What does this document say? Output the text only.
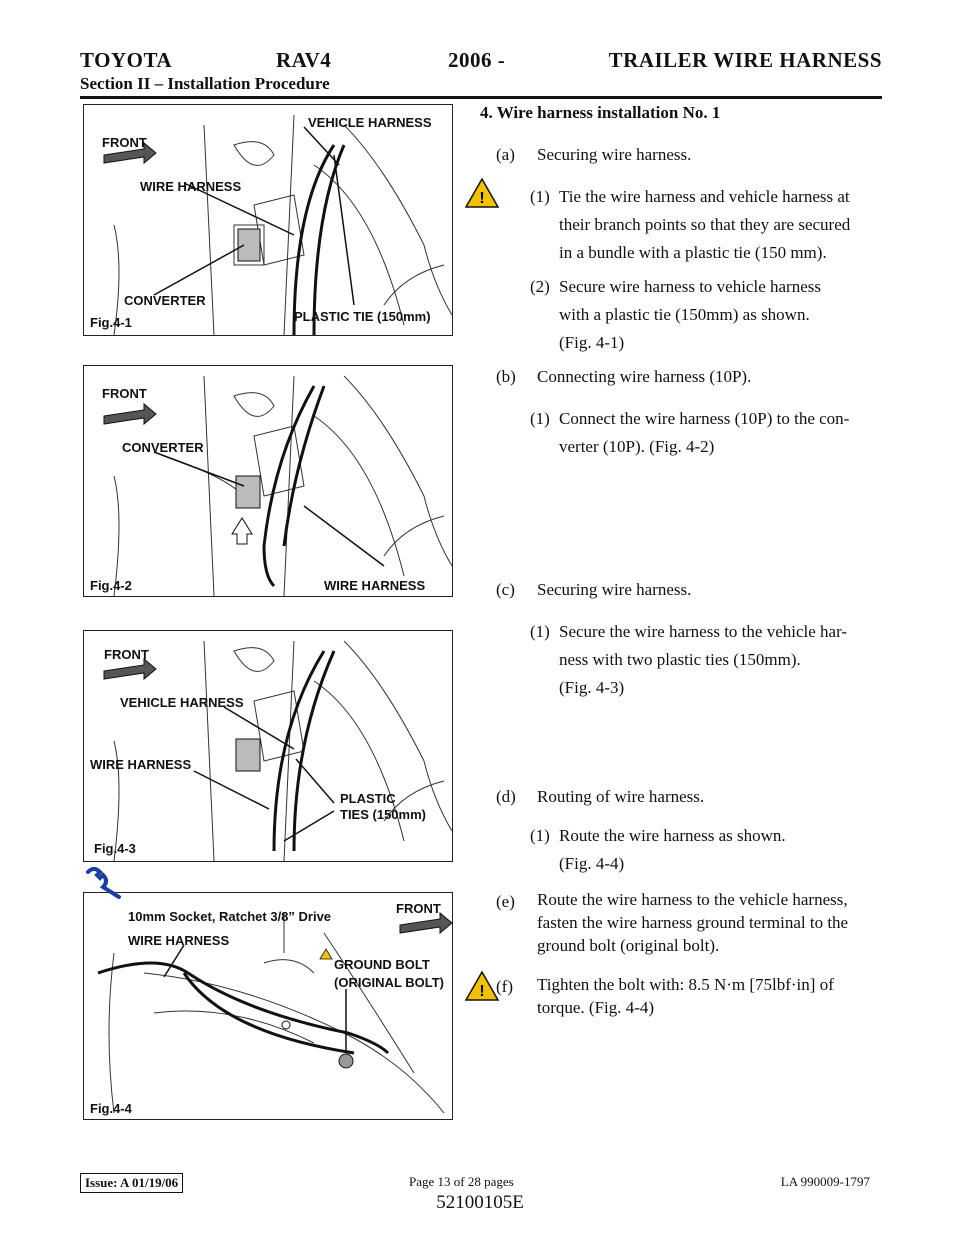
TOYOTA	RAV4	2006 -	TRAILER WIRE HARNESS
Section II – Installation Procedure
FRONT
VEHICLE HARNESS
WIRE HARNESS
CONVERTER
PLASTIC TIE (150mm)
Fig.4-1
FRONT
CONVERTER
WIRE HARNESS
Fig.4-2
FRONT
VEHICLE HARNESS
WIRE HARNESS
PLASTIC
TIES (150mm)
Fig.4-3
FRONT
10mm Socket, Ratchet 3/8” Drive
WIRE HARNESS
GROUND BOLT
(ORIGINAL BOLT)
Fig.4-4
!
!
4. Wire harness installation No. 1
(a) Securing wire harness.
(1) Tie the wire harness and vehicle harness at
their branch points so that they are secured
in a bundle with a plastic tie (150 mm).
(2) Secure wire harness to vehicle harness
with a plastic tie (150mm) as shown.
(Fig. 4-1)
(b) Connecting wire harness (10P).
(1) Connect the wire harness (10P) to the con-
verter (10P). (Fig. 4-2)
(c) Securing wire harness.
(1) Secure the wire harness to the vehicle har-
ness with two plastic ties (150mm).
(Fig. 4-3)
(d) Routing of wire harness.
(1) Route the wire harness as shown.
(Fig. 4-4)
(e) Route the wire harness to the vehicle harness,
fasten the wire harness ground terminal to the
ground bolt (original bolt).
(f) Tighten the bolt with: 8.5 N·m [75lbf·in] of
torque. (Fig. 4-4)
Issue: A 01/19/06	Page 13 of 28 pages	LA 990009-1797
52100105E
